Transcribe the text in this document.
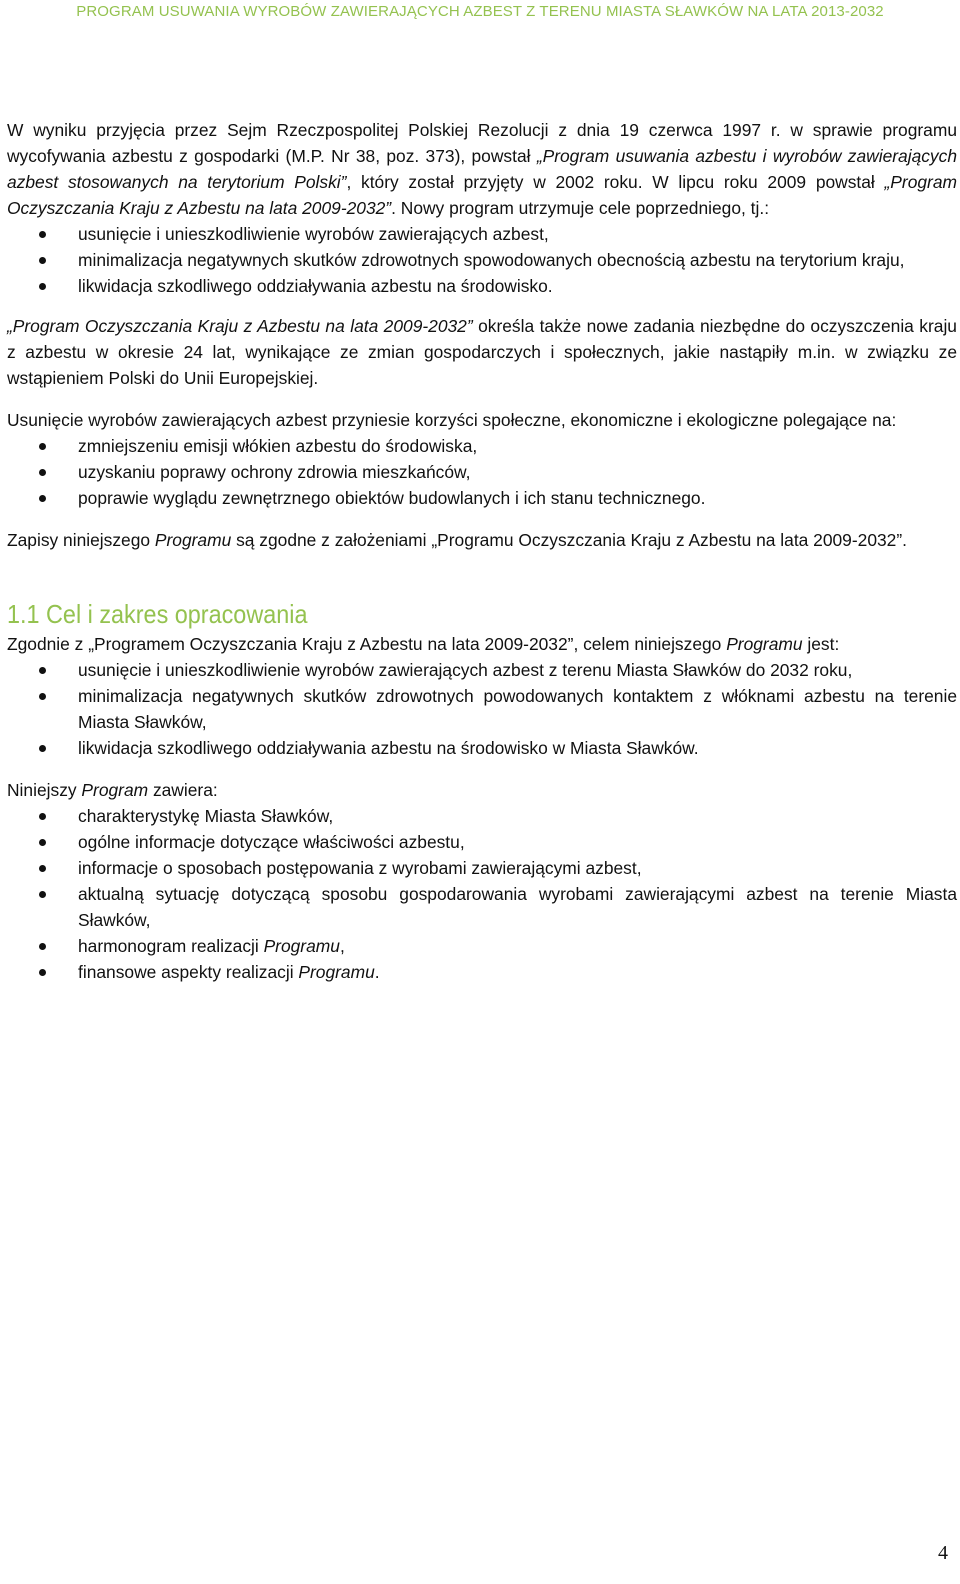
PROGRAM USUWANIA WYROBÓW ZAWIERAJĄCYCH AZBEST Z TERENU MIASTA SŁAWKÓW NA LATA 2013-2032

W wyniku przyjęcia przez Sejm Rzeczpospolitej Polskiej Rezolucji z dnia 19 czerwca 1997 r. w sprawie programu wycofywania azbestu z gospodarki (M.P. Nr 38, poz. 373), powstał „Program usuwania azbestu i wyrobów zawierających azbest stosowanych na terytorium Polski”, który został przyjęty w 2002 roku. W lipcu roku 2009 powstał „Program Oczyszczania Kraju z Azbestu na lata 2009-2032”. Nowy program utrzymuje cele poprzedniego, tj.:

usunięcie i unieszkodliwienie wyrobów zawierających azbest,
minimalizacja negatywnych skutków zdrowotnych spowodowanych obecnością azbestu na terytorium kraju,
likwidacja szkodliwego oddziaływania azbestu na środowisko.

„Program Oczyszczania Kraju z Azbestu na lata 2009-2032” określa także nowe zadania niezbędne do oczyszczenia kraju z azbestu w okresie 24 lat, wynikające ze zmian gospodarczych i społecznych, jakie nastąpiły m.in. w związku ze wstąpieniem Polski do Unii Europejskiej.

Usunięcie wyrobów zawierających azbest przyniesie korzyści społeczne, ekonomiczne i ekologiczne polegające na:

zmniejszeniu emisji włókien azbestu do środowiska,
uzyskaniu poprawy ochrony zdrowia mieszkańców,
poprawie wyglądu zewnętrznego obiektów budowlanych i ich stanu technicznego.

Zapisy niniejszego Programu są zgodne z założeniami „Programu Oczyszczania Kraju z Azbestu na lata 2009-2032”.

1.1 Cel i zakres opracowania

Zgodnie z „Programem Oczyszczania Kraju z Azbestu na lata 2009-2032”, celem niniejszego Programu jest:

usunięcie i unieszkodliwienie wyrobów zawierających azbest z terenu Miasta Sławków do 2032 roku,
minimalizacja negatywnych skutków zdrowotnych powodowanych kontaktem z włóknami azbestu na terenie Miasta Sławków,
likwidacja szkodliwego oddziaływania azbestu na środowisko w Miasta Sławków.

Niniejszy Program zawiera:

charakterystykę Miasta Sławków,
ogólne informacje dotyczące właściwości azbestu,
informacje o sposobach postępowania z wyrobami zawierającymi azbest,
aktualną sytuację dotyczącą sposobu gospodarowania wyrobami zawierającymi azbest na terenie Miasta Sławków,
harmonogram realizacji Programu,
finansowe aspekty realizacji Programu.
4
